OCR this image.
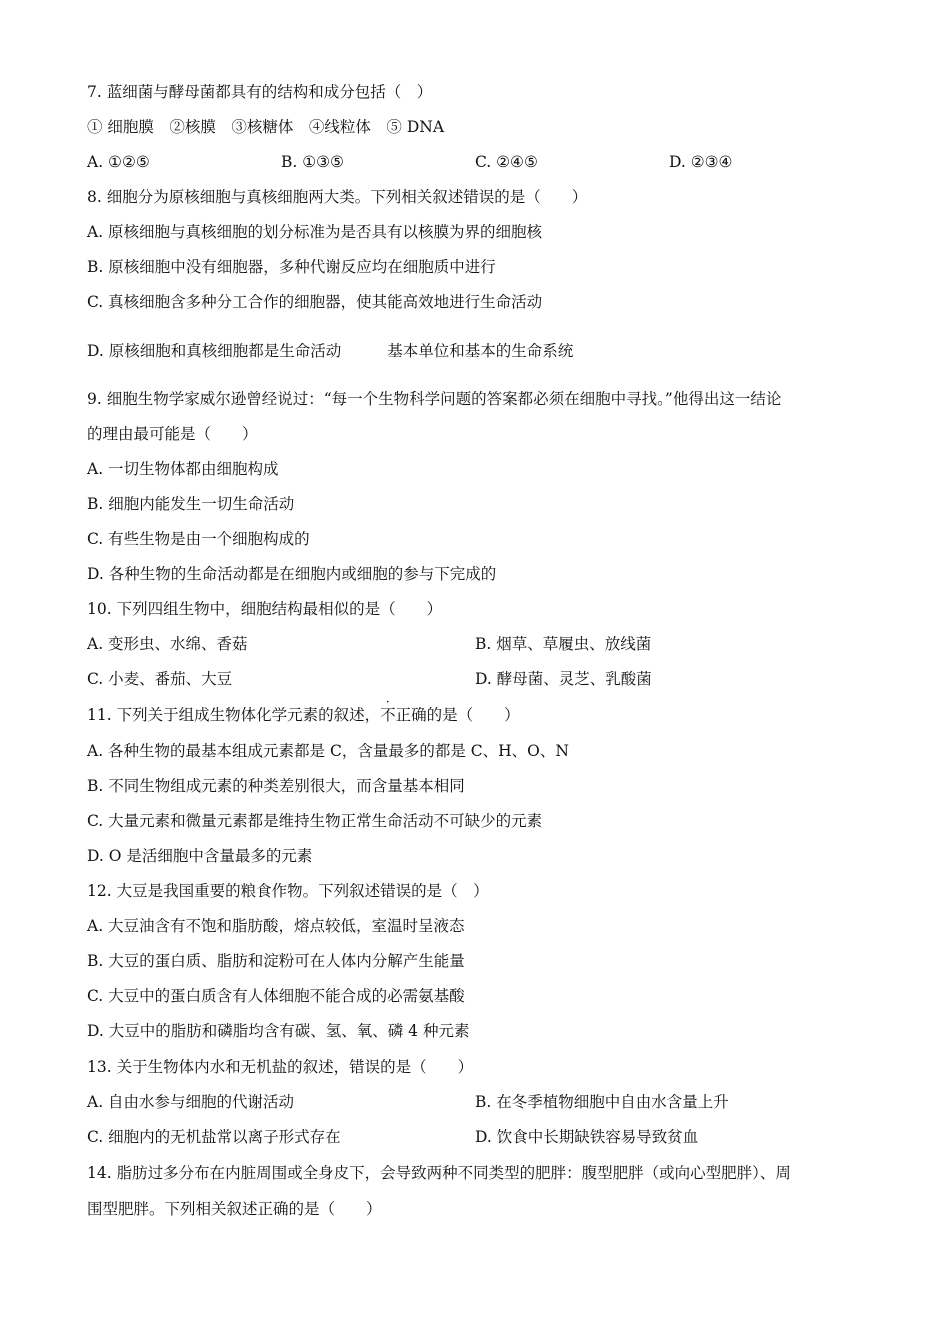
7. 蓝细菌与酵母菌都具有的结构和成分包括（　）
① 细胞膜　②核膜　③核糖体　④线粒体　⑤ DNA
A. ①②⑤	B. ①③⑤	C. ②④⑤	D. ②③④
8. 细胞分为原核细胞与真核细胞两大类。下列相关叙述错误的是（　　）
A. 原核细胞与真核细胞的划分标准为是否具有以核膜为界的细胞核
B. 原核细胞中没有细胞器，多种代谢反应均在细胞质中进行
C. 真核细胞含多种分工合作的细胞器，使其能高效地进行生命活动
D. 原核细胞和真核细胞都是生命活动	基本单位和基本的生命系统
9. 细胞生物学家威尔逊曾经说过：“每一个生物科学问题的答案都必须在细胞中寻找。”他得出这一结论
的理由最可能是（　　）
A. 一切生物体都由细胞构成
B. 细胞内能发生一切生命活动
C. 有些生物是由一个细胞构成的
D. 各种生物的生命活动都是在细胞内或细胞的参与下完成的
10. 下列四组生物中，细胞结构最相似的是（　　）
A. 变形虫、水绵、香菇	B. 烟草、草履虫、放线菌
C. 小麦、番茄、大豆	D. 酵母菌、灵芝、乳酸菌
11. 下列关于组成生物体化学元素的叙述，
·
不正确的是（　　）
A. 各种生物的最基本组成元素都是 C，含量最多的都是 C、H、O、N
B. 不同生物组成元素的种类差别很大，而含量基本相同
C. 大量元素和微量元素都是维持生物正常生命活动不可缺少的元素
D. O 是活细胞中含量最多的元素
12. 大豆是我国重要的粮食作物。下列叙述错误的是（　）
A. 大豆油含有不饱和脂肪酸，熔点较低，室温时呈液态
B. 大豆的蛋白质、脂肪和淀粉可在人体内分解产生能量
C. 大豆中的蛋白质含有人体细胞不能合成的必需氨基酸
D. 大豆中的脂肪和磷脂均含有碳、氢、氧、磷 4 种元素
13. 关于生物体内水和无机盐的叙述，错误的是（　　）
A. 自由水参与细胞的代谢活动	B. 在冬季植物细胞中自由水含量上升
C. 细胞内的无机盐常以离子形式存在	D. 饮食中长期缺铁容易导致贫血
14. 脂肪过多分布在内脏周围或全身皮下，会导致两种不同类型的肥胖：腹型肥胖（或向心型肥胖）、周
围型肥胖。下列相关叙述正确的是（　　）
